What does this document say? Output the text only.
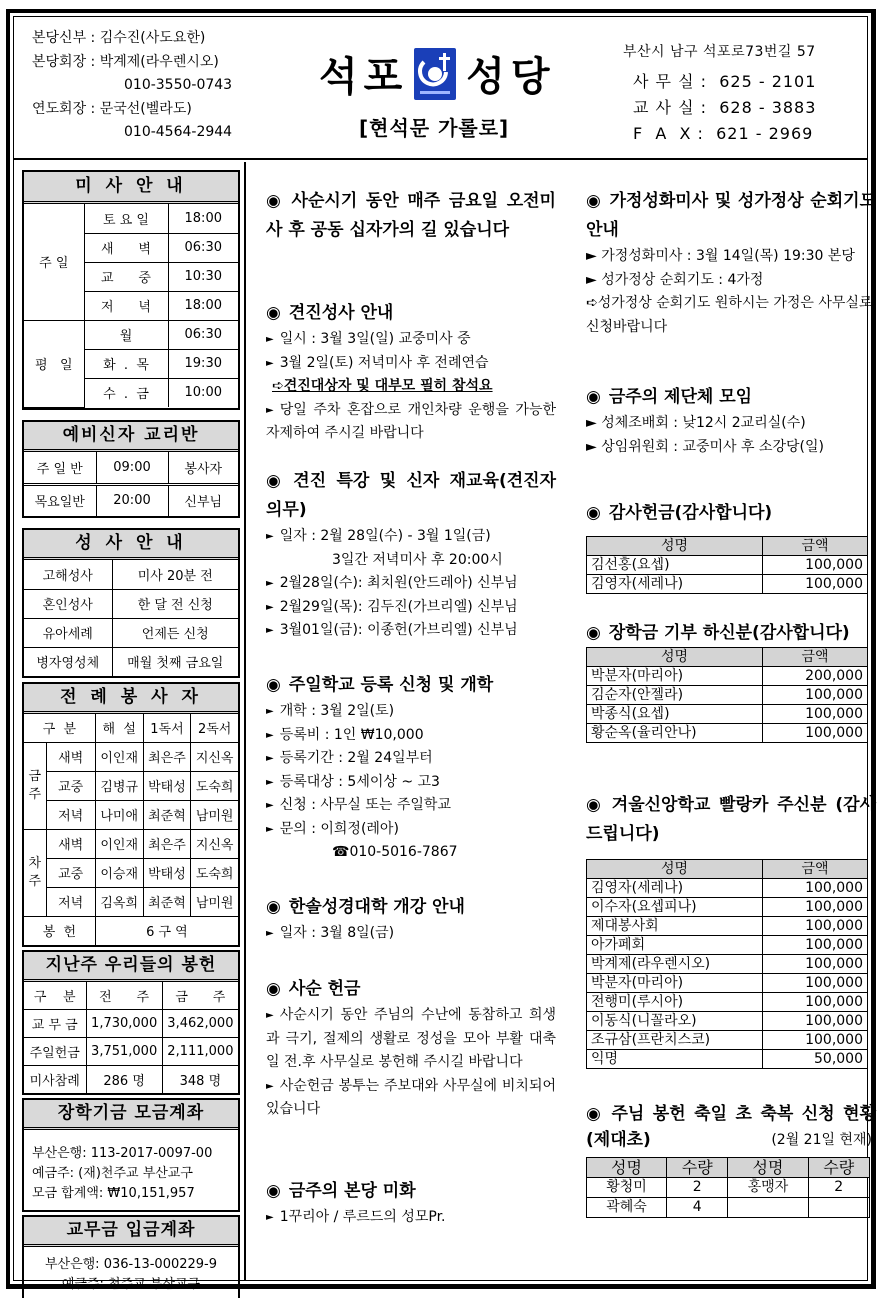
본당신부 : 김수진(사도요한)
본당회장 : 박계제(라우렌시오)
010-3550-0743
연도회장 : 문국선(벨라도)
010-4564-2944
석포 성당
[현석문 가롤로]
부산시 남구 석포로73번길 57
사 무 실 :  625 - 2101
교 사 실 :  628 - 3883
F  A  X :  621 - 2969
미 사 안 내
주 일	토 요 일	18:00
	새      벽	06:30
	교      중	10:30
	저      녁	18:00
평   일	월	06:30
	화  .  목	19:30
	수  .  금	10:00
예비신자 교리반
주 일 반	09:00	봉사자
목요일반	20:00	신부님
성 사 안 내
고해성사	미사 20분 전
혼인성사	한 달 전 신청
유아세례	언제든 신청
병자영성체	매월 첫째 금요일
전 례 봉 사 자
구  분		해  설	1독서	2독서
금주	새벽	이인재	최은주	지신옥
	교중	김병규	박태성	도숙희
	저녁	나미애	최준혁	남미원
차주	새벽	이인재	최은주	지신옥
	교중	이승재	박태성	도숙희
	저녁	김옥희	최준혁	남미원
봉  헌		6 구 역		
지난주 우리들의 봉헌
구    분	전      주	금      주
교 무 금	1,730,000	3,462,000
주일헌금	3,751,000	2,111,000
미사참례	286 명	348 명
장학기금 모금계좌
부산은행: 113-2017-0097-00
예금주: (재)천주교 부산교구
모금 합계액: ₩10,151,957
교무금 입금계좌
부산은행: 036-13-000229-9
예금주: 천주교 부산교구
◉ 사순시기 동안 매주 금요일 오전미사 후 공동 십자가의 길 있습니다
◉ 견진성사 안내
► 일시 : 3월 3일(일) 교중미사 중
► 3월 2일(토) 저녁미사 후 전례연습
➪견진대상자 및 대부모 필히 참석요
► 당일 주차 혼잡으로 개인차량 운행을 가능한 자제하여 주시길 바랍니다
◉ 견진 특강 및 신자 재교육(견진자 의무)
► 일자 : 2월 28일(수) - 3월 1일(금)
3일간 저녁미사 후 20:00시
► 2월28일(수): 최치원(안드레아) 신부님
► 2월29일(목): 김두진(가브리엘) 신부님
► 3월01일(금): 이종헌(가브리엘) 신부님
◉ 주일학교 등록 신청 및 개학
► 개학 : 3월 2일(토)
► 등록비 : 1인 ₩10,000
► 등록기간 : 2월 24일부터
► 등록대상 : 5세이상 ~ 고3
► 신청 : 사무실 또는 주일학교
► 문의 : 이희정(레아)
☎010-5016-7867
◉ 한솔성경대학 개강 안내
► 일자 : 3월 8일(금)
◉ 사순 헌금
► 사순시기 동안 주님의 수난에 동참하고 희생과 극기, 절제의 생활로 정성을 모아 부활 대축일 전.후 사무실로 봉헌해 주시길 바랍니다
► 사순헌금 봉투는 주보대와 사무실에 비치되어 있습니다
◉ 금주의 본당 미화
► 1꾸리아 / 루르드의 성모Pr.
◉ 가정성화미사 및 성가정상 순회기도 안내
► 가정성화미사 : 3월 14일(목) 19:30 본당
► 성가정상 순회기도 : 4가정
➪성가정상 순회기도 원하시는 가정은 사무실로 신청바랍니다
◉ 금주의 제단체 모임
► 성체조배회 : 낮12시 2교리실(수)
► 상임위원회 : 교중미사 후 소강당(일)
◉ 감사헌금(감사합니다)
성명	금액
김선홍(요셉)	100,000
김영자(세레나)	100,000
◉ 장학금 기부 하신분(감사합니다)
성명	금액
박분자(마리아)	200,000
김순자(안젤라)	100,000
박종식(요셉)	100,000
황순옥(율리안나)	100,000
◉ 겨울신앙학교 빨랑카 주신분 (감사드립니다)
성명	금액
김영자(세레나)	100,000
이수자(요셉피나)	100,000
제대봉사회	100,000
아가페회	100,000
박계제(라우렌시오)	100,000
박분자(마리아)	100,000
전행미(루시아)	100,000
이동식(니꼴라오)	100,000
조규삼(프란치스코)	100,000
익명	50,000
◉ 주님 봉헌 축일 초 축복 신청 현황(제대초)	(2월 21일 현재)
성명	수량	성명	수량
황청미	2	홍맹자	2
곽혜숙	4		
